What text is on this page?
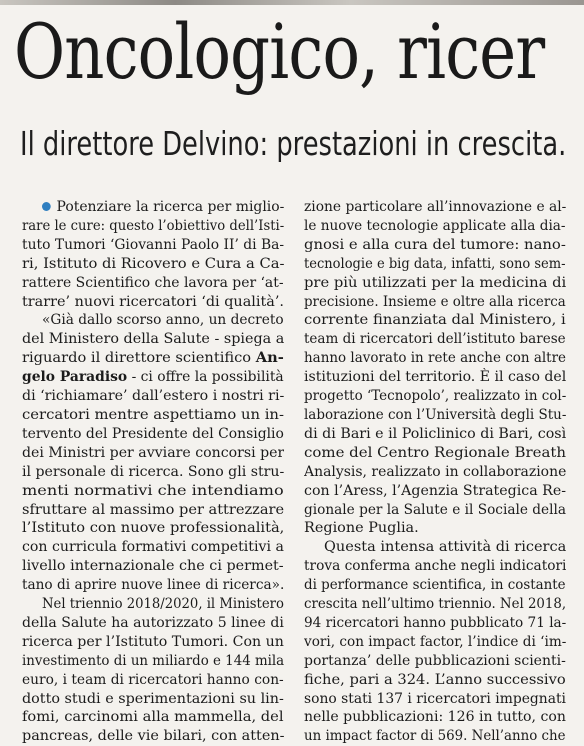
Oncologico, ricer
Il direttore Delvino: prestazioni in crescita.

Potenziare la ricerca per miglio-
rare le cure: questo l’obiettivo dell’Isti-
tuto Tumori ‘Giovanni Paolo II’ di Ba-
ri, Istituto di Ricovero e Cura a Ca-
rattere Scientifico che lavora per ‘at-
trarre’ nuovi ricercatori ‘di qualità’.

«Già dallo scorso anno, un decreto
del Ministero della Salute - spiega a
riguardo il direttore scientifico An-
gelo Paradiso - ci offre la possibilità
di ‘richiamare’ dall’estero i nostri ri-
cercatori mentre aspettiamo un in-
tervento del Presidente del Consiglio
dei Ministri per avviare concorsi per
il personale di ricerca. Sono gli stru-
menti normativi che intendiamo
sfruttare al massimo per attrezzare
l’Istituto con nuove professionalità,
con curricula formativi competitivi a
livello internazionale che ci permet-
tano di aprire nuove linee di ricerca».

Nel triennio 2018/2020, il Ministero
della Salute ha autorizzato 5 linee di
ricerca per l’Istituto Tumori. Con un
investimento di un miliardo e 144 mila
euro, i team di ricercatori hanno con-
dotto studi e sperimentazioni su lin-
fomi, carcinomi alla mammella, del
pancreas, delle vie bilari, con atten-

zione particolare all’innovazione e al-
le nuove tecnologie applicate alla dia-
gnosi e alla cura del tumore: nano-
tecnologie e big data, infatti, sono sem-
pre più utilizzati per la medicina di
precisione. Insieme e oltre alla ricerca
corrente finanziata dal Ministero, i
team di ricercatori dell’istituto barese
hanno lavorato in rete anche con altre
istituzioni del territorio. È il caso del
progetto ‘Tecnopolo’, realizzato in col-
laborazione con l’Università degli Stu-
di di Bari e il Policlinico di Bari, così
come del Centro Regionale Breath
Analysis, realizzato in collaborazione
con l’Aress, l’Agenzia Strategica Re-
gionale per la Salute e il Sociale della
Regione Puglia.

Questa intensa attività di ricerca
trova conferma anche negli indicatori
di performance scientifica, in costante
crescita nell’ultimo triennio. Nel 2018,
94 ricercatori hanno pubblicato 71 la-
vori, con impact factor, l’indice di ‘im-
portanza’ delle pubblicazioni scienti-
fiche, pari a 324. L’anno successivo
sono stati 137 i ricercatori impegnati
nelle pubblicazioni: 126 in tutto, con
un impact factor di 569. Nell’anno che
